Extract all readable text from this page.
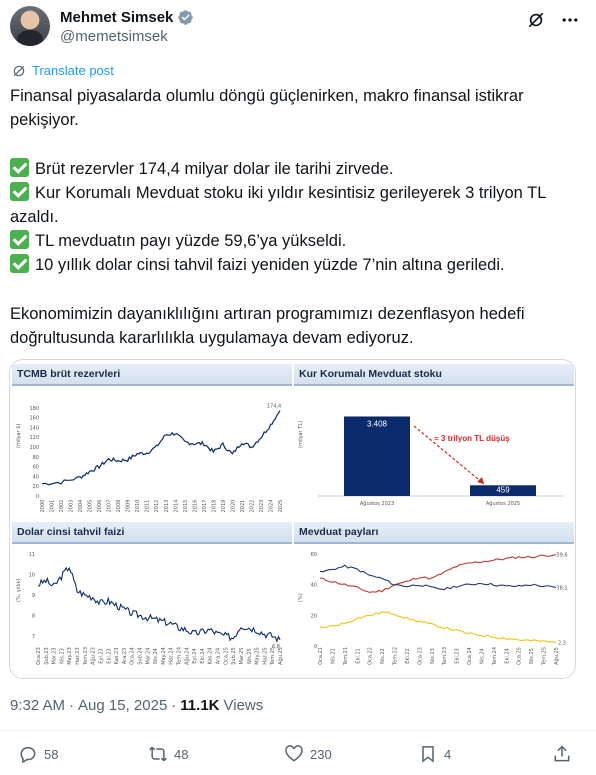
Mehmet Simsek
@memetsimsek
Translate post
Finansal piyasalarda olumlu döngü güçlenirken, makro finansal istikrar pekişiyor.
Brüt rezervler 174,4 milyar dolar ile tarihi zirvede.
Kur Korumalı Mevduat stoku iki yıldır kesintisiz gerileyerek 3 trilyon TL azaldı.
TL mevduatın payı yüzde 59,6’ya yükseldi.
10 yıllık dolar cinsi tahvil faizi yeniden yüzde 7’nin altına geriledi.
Ekonomimizin dayanıklılığını artıran programımızı dezenflasyon hedefi doğrultusunda kararlılıkla uygulamaya devam ediyoruz.
TCMB brüt rezervleri
(milyar $)
0
20
40
60
80
100
120
140
160
180
2000 2001 2002 2003 2004 2005 2006 2007 2008 2009 2010 2011 2012 2013 2014 2015 2016 2017 2018 2019 2020 2021 2022 2023 2024 2025
174,4
Kur Korumalı Mevduat stoku
(milyar TL)	3.408
Ağustos 2023
459
Ağustos 2025
≈ 3 trilyon TL düşüş
Dolar cinsi tahvil faizi
(%, yıllık)
7
8
9
10
11
Oca.23 Şub.23 Mar.23 Nis.23 May.23 Haz.23 Tem.23 Ağu.23 Eyl.23 Eki.23 Kas.23 Ara.23 Oca.24 Şub.24 Mar.24 Nis.24 May.24 Haz.24 Tem.24 Ağu.24 Eyl.24 Eki.24 Kas.24 Ara.24 Oca.25 Şub.25 Mar.25 Nis.25 May.25 Haz.25 Tem.25 Ağu.25
6,8
Mevduat payları
(%)
0
20
40
60
Oca.21 Nis.21 Tem.21 Eki.21 Oca.22 Nis.22 Tem.22 Eki.22 Oca.23 Nis.23 Tem.23 Eki.23 Oca.24 Nis.24 Tem.24 Eki.24 Oca.25 Nis.25 Tem.25 Ağu.25
59,6
38,1
2,3
9:32 AM · Aug 15, 2025 · 11.1K Views
58	48	230	4
